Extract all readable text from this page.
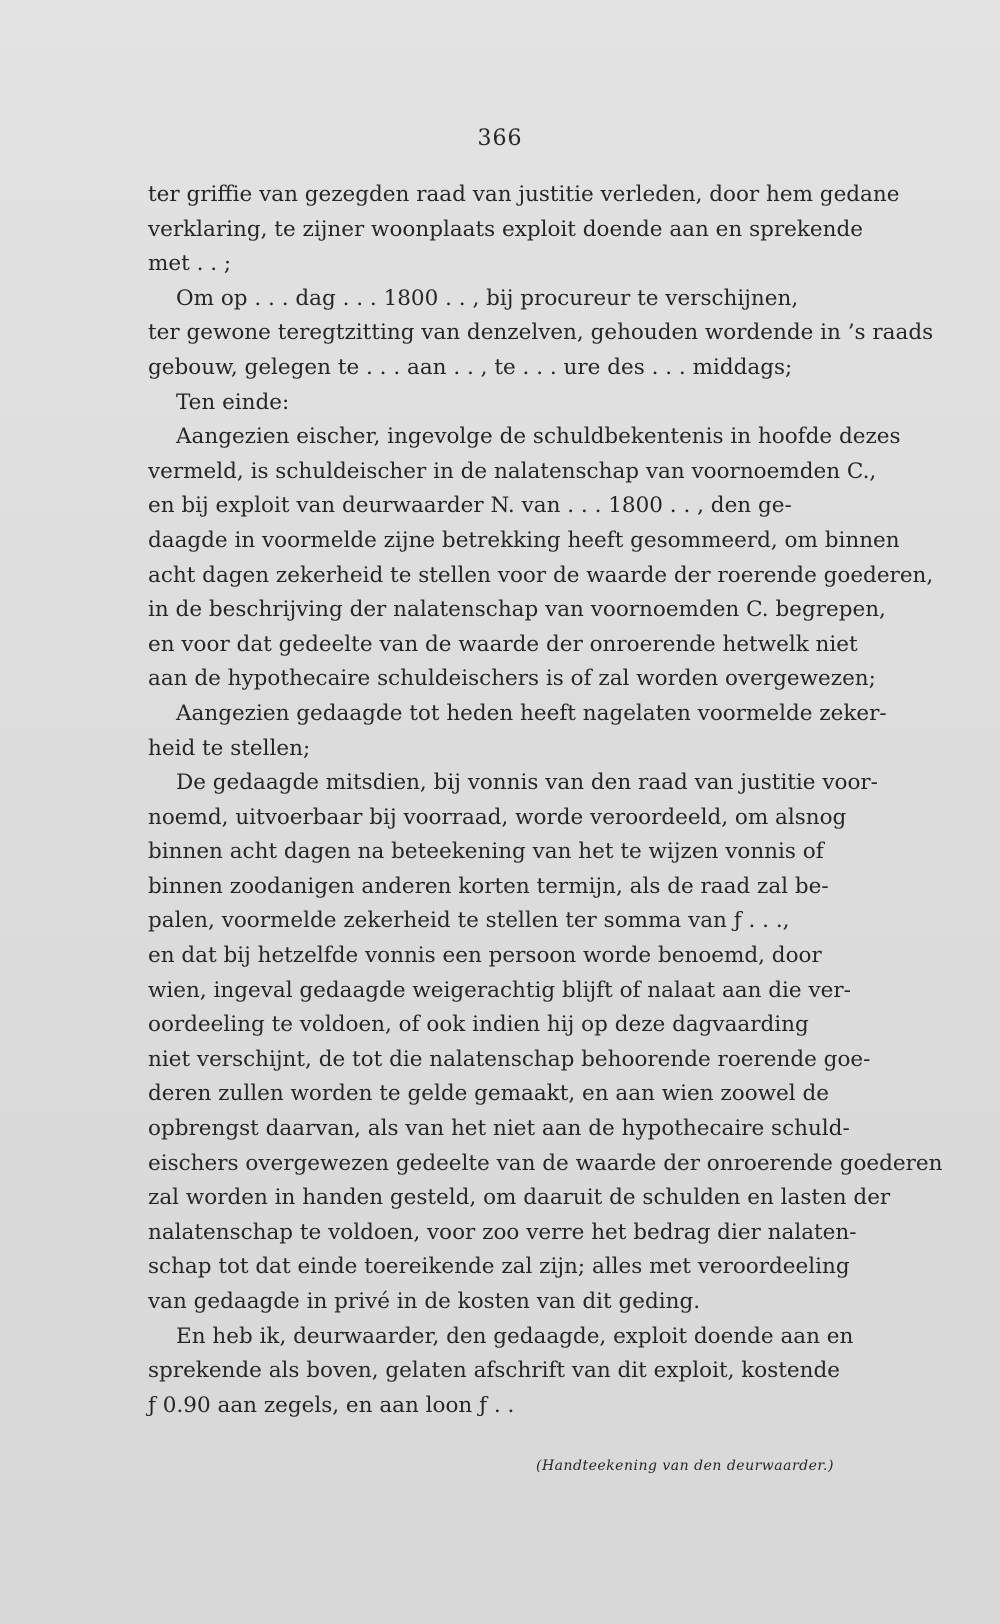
366
ter griffie van gezegden raad van justitie verleden, door hem gedane
verklaring, te zijner woonplaats exploit doende aan en sprekende
met . . ;
Om op . . . dag . . . 1800 . . , bij procureur te verschijnen,
ter gewone teregtzitting van denzelven, gehouden wordende in ’s raads
gebouw, gelegen te . . . aan . . , te . . . ure des . . . middags;
Ten einde:
Aangezien eischer, ingevolge de schuldbekentenis in hoofde dezes
vermeld, is schuldeischer in de nalatenschap van voornoemden C.,
en bij exploit van deurwaarder N. van . . . 1800 . . , den ge-
daagde in voormelde zijne betrekking heeft gesommeerd, om binnen
acht dagen zekerheid te stellen voor de waarde der roerende goederen,
in de beschrijving der nalatenschap van voornoemden C. begrepen,
en voor dat gedeelte van de waarde der onroerende hetwelk niet
aan de hypothecaire schuldeischers is of zal worden overgewezen;
Aangezien gedaagde tot heden heeft nagelaten voormelde zeker-
heid te stellen;
De gedaagde mitsdien, bij vonnis van den raad van justitie voor-
noemd, uitvoerbaar bij voorraad, worde veroordeeld, om alsnog
binnen acht dagen na beteekening van het te wijzen vonnis of
binnen zoodanigen anderen korten termijn, als de raad zal be-
palen, voormelde zekerheid te stellen ter somma van ƒ . . .,
en dat bij hetzelfde vonnis een persoon worde benoemd, door
wien, ingeval gedaagde weigerachtig blijft of nalaat aan die ver-
oordeeling te voldoen, of ook indien hij op deze dagvaarding
niet verschijnt, de tot die nalatenschap behoorende roerende goe-
deren zullen worden te gelde gemaakt, en aan wien zoowel de
opbrengst daarvan, als van het niet aan de hypothecaire schuld-
eischers overgewezen gedeelte van de waarde der onroerende goederen
zal worden in handen gesteld, om daaruit de schulden en lasten der
nalatenschap te voldoen, voor zoo verre het bedrag dier nalaten-
schap tot dat einde toereikende zal zijn; alles met veroordeeling
van gedaagde in privé in de kosten van dit geding.
En heb ik, deurwaarder, den gedaagde, exploit doende aan en
sprekende als boven, gelaten afschrift van dit exploit, kostende
ƒ 0.90 aan zegels, en aan loon ƒ . .
(Handteekening van den deurwaarder.)
